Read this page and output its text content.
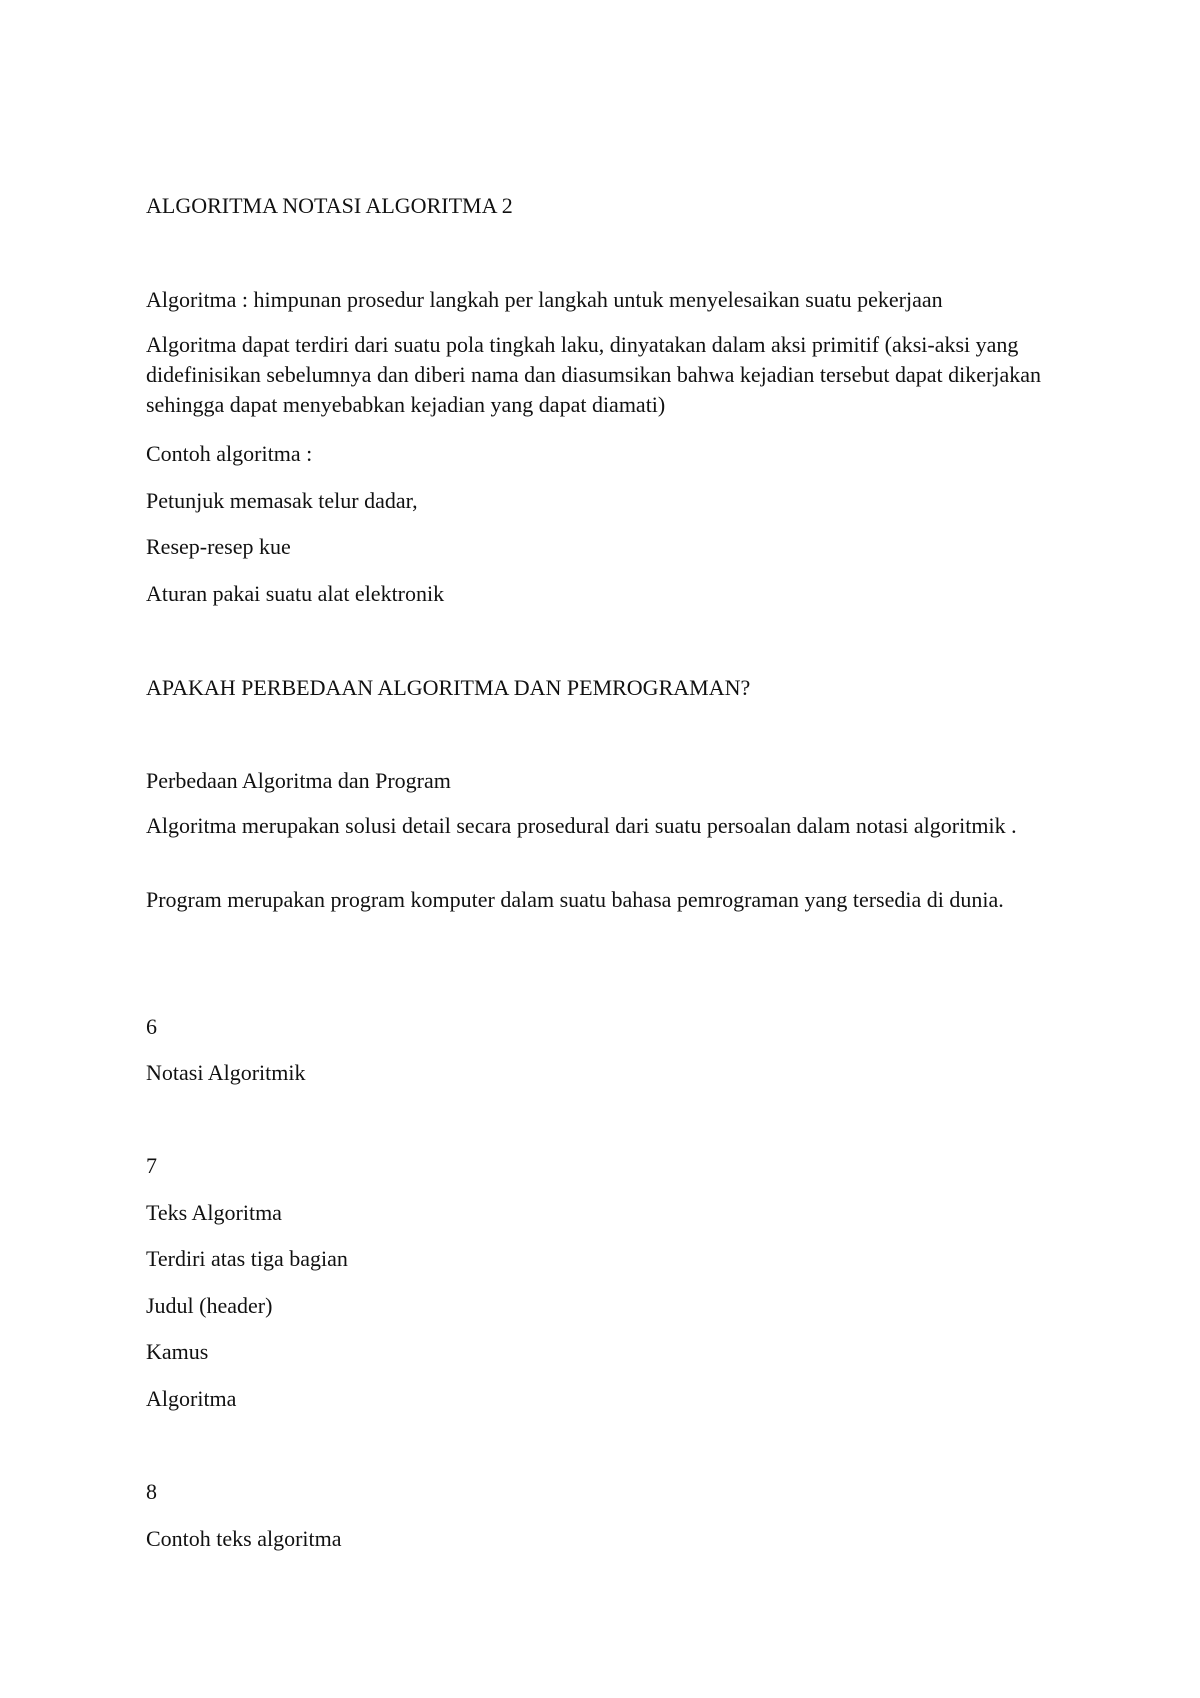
ALGORITMA NOTASI ALGORITMA 2

Algoritma : himpunan prosedur langkah per langkah untuk menyelesaikan suatu pekerjaan

Algoritma dapat terdiri dari suatu pola tingkah laku, dinyatakan dalam aksi primitif (aksi-aksi yang didefinisikan sebelumnya dan diberi nama dan diasumsikan bahwa kejadian tersebut dapat dikerjakan sehingga dapat menyebabkan kejadian yang dapat diamati)

Contoh algoritma :

Petunjuk memasak telur dadar,

Resep-resep kue

Aturan pakai suatu alat elektronik

APAKAH PERBEDAAN ALGORITMA DAN PEMROGRAMAN?

Perbedaan Algoritma dan Program

Algoritma merupakan solusi detail secara prosedural dari suatu persoalan dalam notasi algoritmik .

Program merupakan program komputer dalam suatu bahasa pemrograman yang tersedia di dunia.

6

Notasi Algoritmik

7

Teks Algoritma

Terdiri atas tiga bagian

Judul (header)

Kamus

Algoritma

8

Contoh teks algoritma
